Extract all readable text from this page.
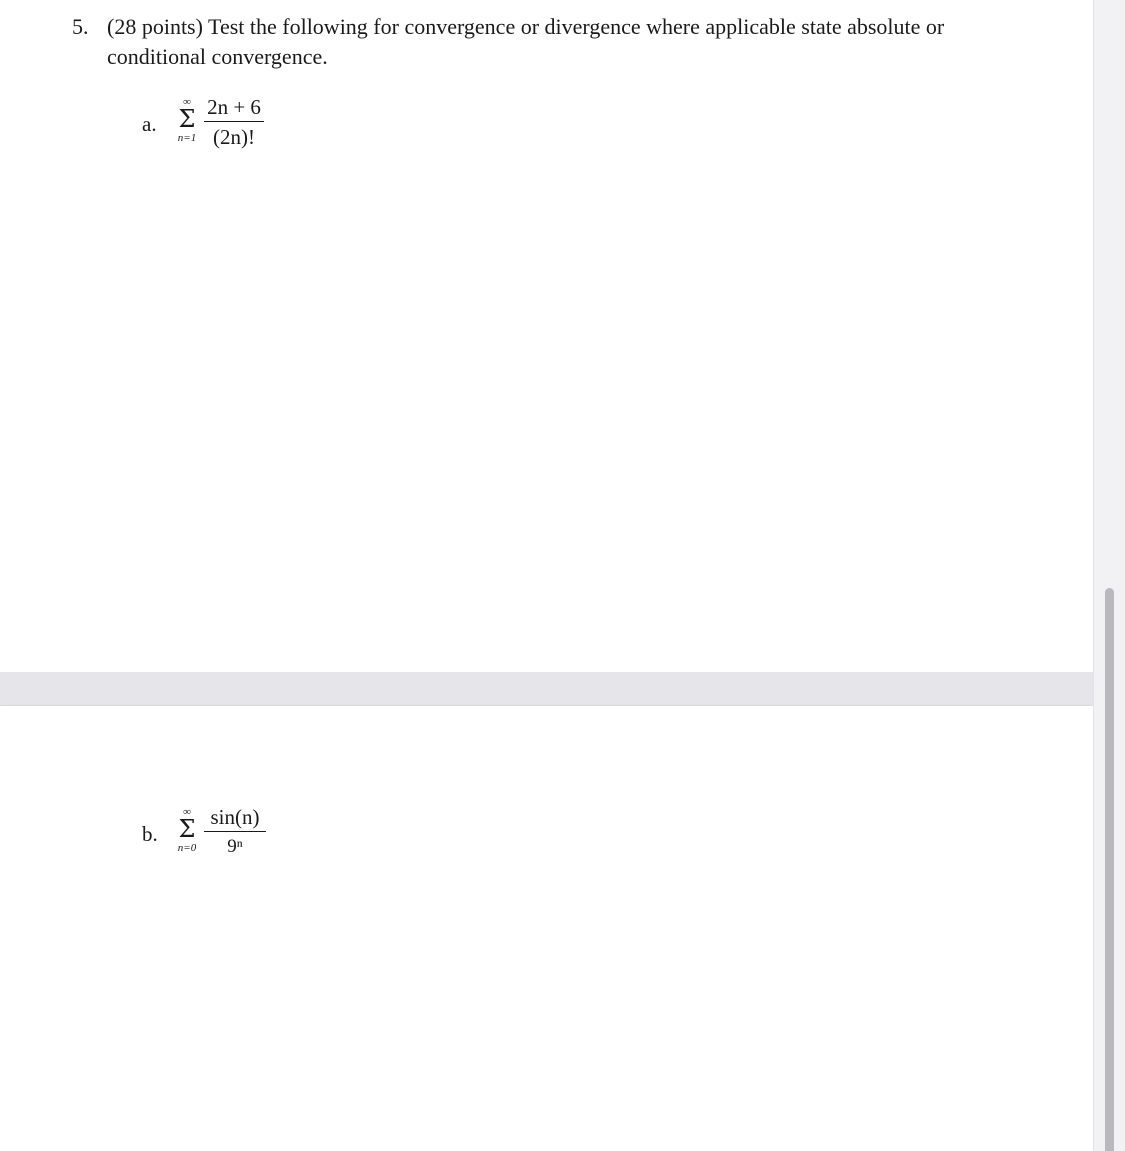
5. (28 points) Test the following for convergence or divergence where applicable state absolute or conditional convergence.
a.
∞
Σ
$n=1 \frac{2n + 6}{(2n)!}$
b.
∞
Σ
$n=0 \frac{\sin(n)}{\text{9ⁿ}}$
